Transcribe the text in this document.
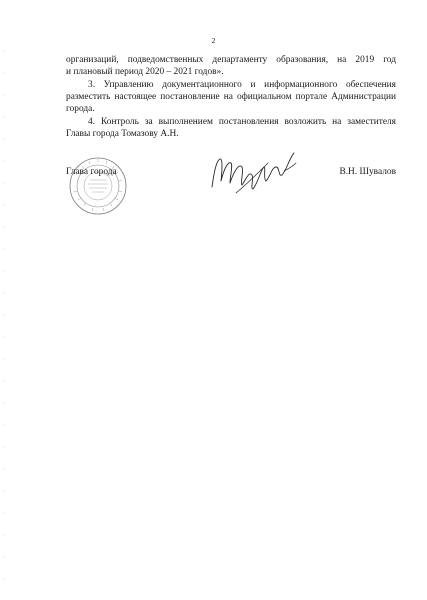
2
организаций, подведомственных департаменту образования, на 2019 год
и плановый период 2020 – 2021 годов».
3. Управлению документационного и информационного обеспечения
разместить настоящее постановление на официальном портале Администрации
города.
4. Контроль за выполнением постановления возложить на заместителя
Главы города Томазову А.Н.
Глава города	В.Н. Шувалов
